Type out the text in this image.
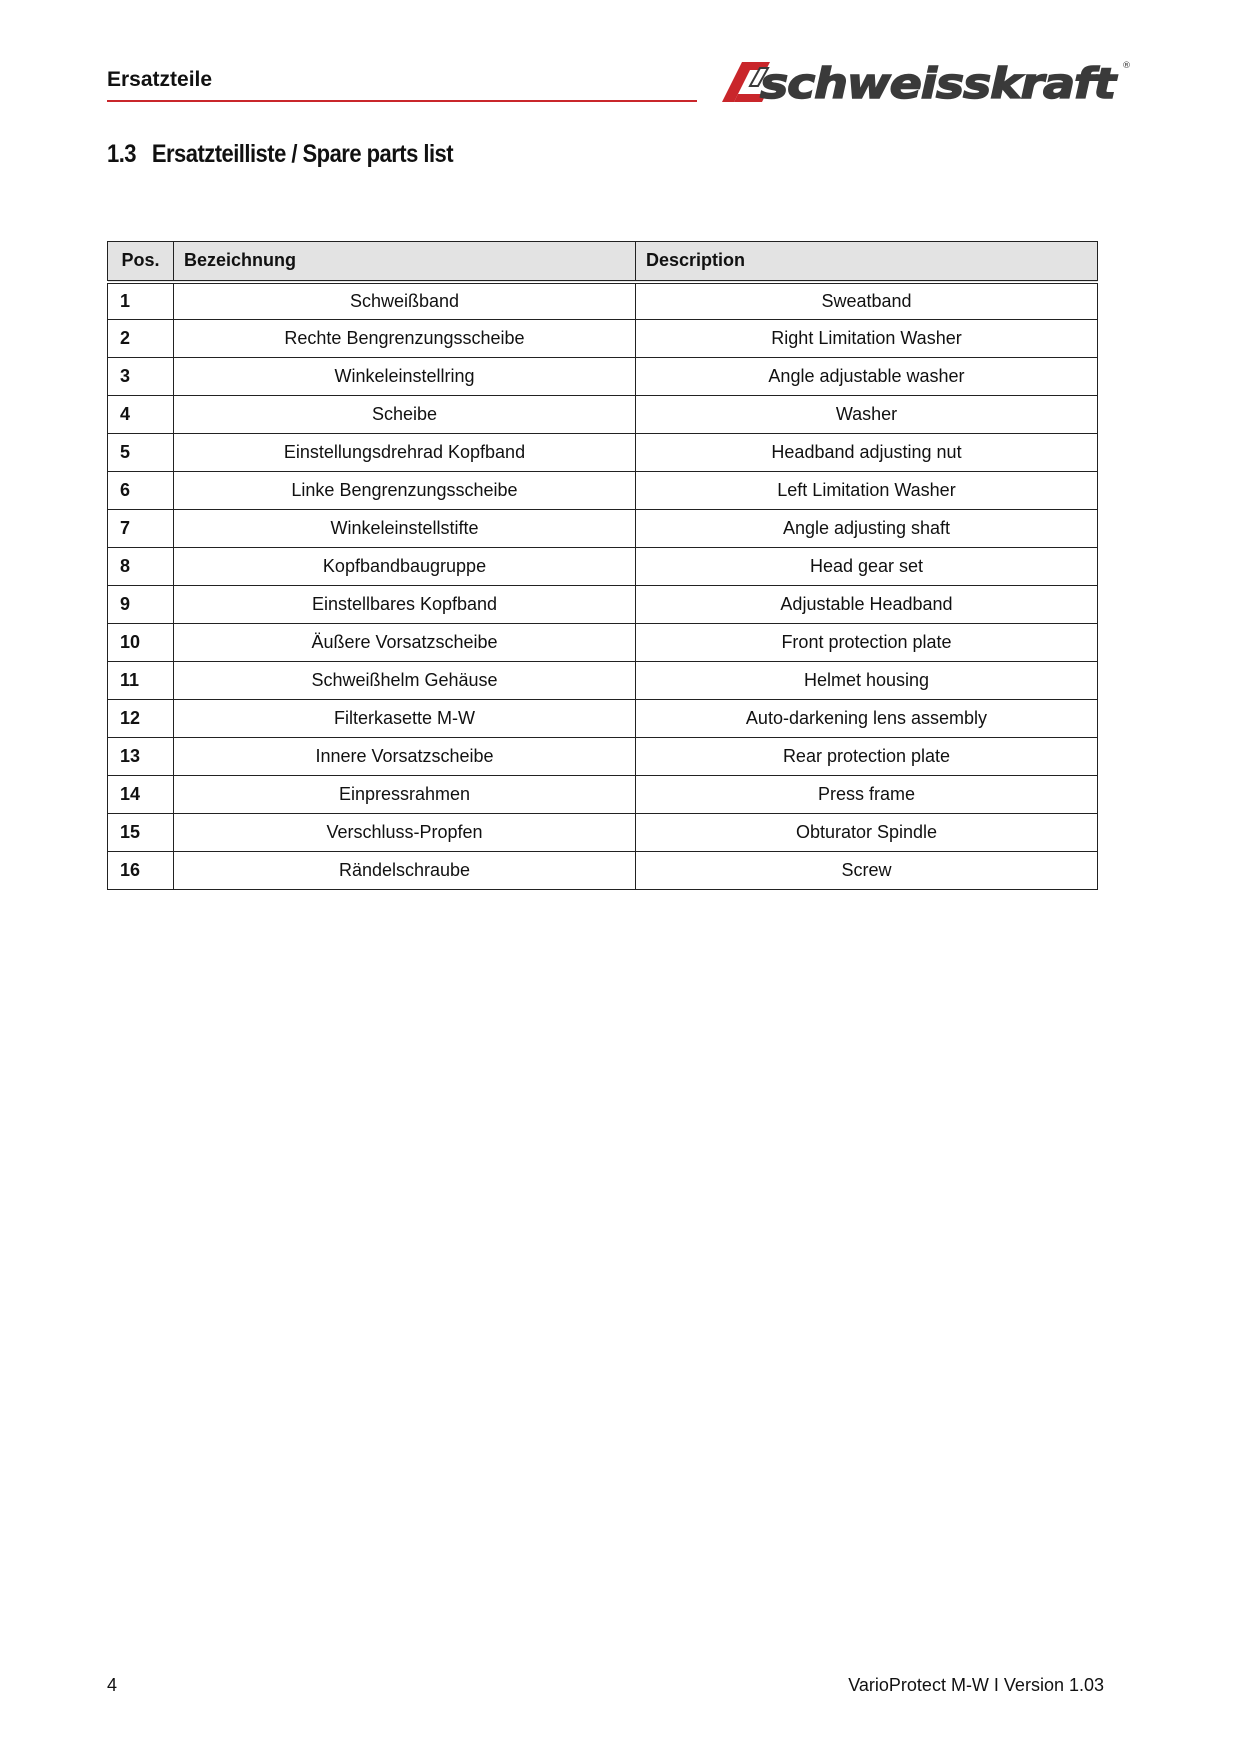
Ersatzteile	schweisskraft ®
1.3 Ersatzteilliste / Spare parts list
Pos.	Bezeichnung	Description
1	Schweißband	Sweatband
2	Rechte Bengrenzungsscheibe	Right Limitation Washer
3	Winkeleinstellring	Angle adjustable washer
4	Scheibe	Washer
5	Einstellungsdrehrad Kopfband	Headband adjusting nut
6	Linke Bengrenzungsscheibe	Left Limitation Washer
7	Winkeleinstellstifte	Angle adjusting shaft
8	Kopfbandbaugruppe	Head gear set
9	Einstellbares Kopfband	Adjustable Headband
10	Äußere Vorsatzscheibe	Front protection plate
11	Schweißhelm Gehäuse	Helmet housing
12	Filterkasette M-W	Auto-darkening lens assembly
13	Innere Vorsatzscheibe	Rear protection plate
14	Einpressrahmen	Press frame
15	Verschluss-Propfen	Obturator Spindle
16	Rändelschraube	Screw
4	VarioProtect M-W I Version 1.03
